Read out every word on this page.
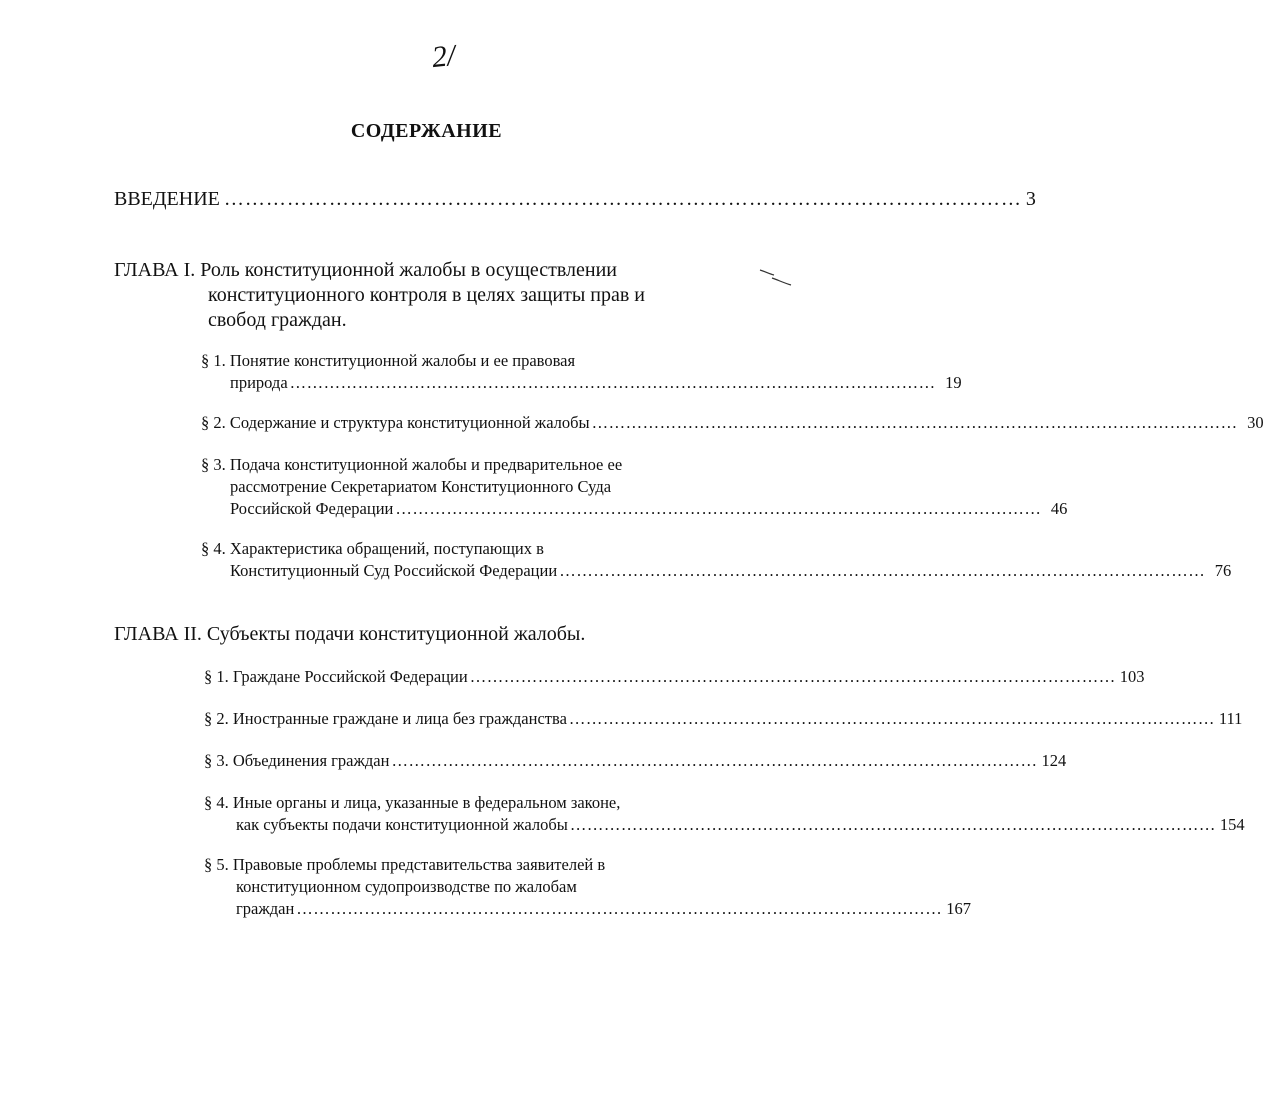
2/
СОДЕРЖАНИЕ
ВВЕДЕНИЕ …………………………………………………………………………………………………… 3
ГЛАВА I. Роль конституционной жалобы в осуществлении
конституционного контроля в целях защиты прав и
свобод граждан.
§ 1. Понятие конституционной жалобы и ее правовая
природа …………………………………………………………………………………………………… 19
§ 2. Содержание и структура конституционной жалобы …………………………………………………………………………………………………… 30
§ 3. Подача конституционной жалобы и предварительное ее
рассмотрение Секретариатом Конституционного Суда
Российской Федерации …………………………………………………………………………………………………… 46
§ 4. Характеристика обращений, поступающих в
Конституционный Суд Российской Федерации …………………………………………………………………………………………………… 76
ГЛАВА II. Субъекты подачи конституционной жалобы.
§ 1. Граждане Российской Федерации …………………………………………………………………………………………………… 103
§ 2. Иностранные граждане и лица без гражданства …………………………………………………………………………………………………… 111
§ 3. Объединения граждан …………………………………………………………………………………………………… 124
§ 4. Иные органы и лица, указанные в федеральном законе,
как субъекты подачи конституционной жалобы …………………………………………………………………………………………………… 154
§ 5. Правовые проблемы представительства заявителей в
конституционном судопроизводстве по жалобам
граждан …………………………………………………………………………………………………… 167
